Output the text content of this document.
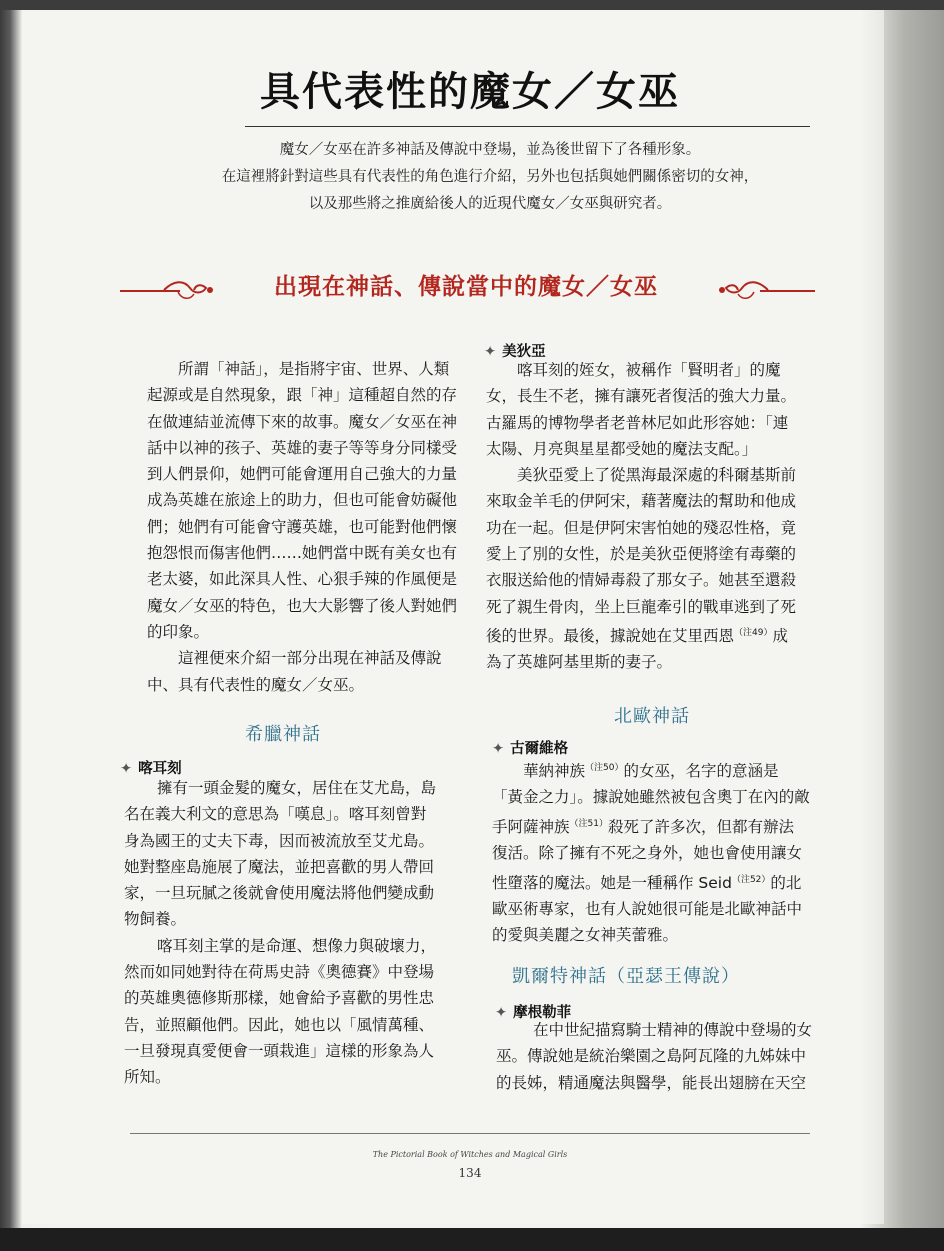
具代表性的魔女／女巫
魔女／女巫在許多神話及傳說中登場，並為後世留下了各種形象。
在這裡將針對這些具有代表性的角色進行介紹，另外也包括與她們關係密切的女神，
以及那些將之推廣給後人的近現代魔女／女巫與研究者。
出現在神話、傳說當中的魔女／女巫
所謂「神話」，是指將宇宙、世界、人類
起源或是自然現象，跟「神」這種超自然的存
在做連結並流傳下來的故事。魔女／女巫在神
話中以神的孩子、英雄的妻子等等身分同樣受
到人們景仰，她們可能會運用自己強大的力量
成為英雄在旅途上的助力，但也可能會妨礙他
們；她們有可能會守護英雄，也可能對他們懷
抱怨恨而傷害他們……她們當中既有美女也有
老太婆，如此深具人性、心狠手辣的作風便是
魔女／女巫的特色，也大大影響了後人對她們
的印象。
這裡便來介紹一部分出現在神話及傳說
中、具有代表性的魔女／女巫。
希臘神話
✦ 喀耳刻
擁有一頭金髮的魔女，居住在艾尤島，島
名在義大利文的意思為「嘆息」。喀耳刻曾對
身為國王的丈夫下毒，因而被流放至艾尤島。
她對整座島施展了魔法，並把喜歡的男人帶回
家，一旦玩膩之後就會使用魔法將他們變成動
物飼養。
喀耳刻主掌的是命運、想像力與破壞力，
然而如同她對待在荷馬史詩《奧德賽》中登場
的英雄奧德修斯那樣，她會給予喜歡的男性忠
告，並照顧他們。因此，她也以「風情萬種、
一旦發現真愛便會一頭栽進」這樣的形象為人
所知。
✦ 美狄亞
喀耳刻的姪女，被稱作「賢明者」的魔
女，長生不老，擁有讓死者復活的強大力量。
古羅馬的博物學者老普林尼如此形容她：「連
太陽、月亮與星星都受她的魔法支配。」
美狄亞愛上了從黑海最深處的科爾基斯前
來取金羊毛的伊阿宋，藉著魔法的幫助和他成
功在一起。但是伊阿宋害怕她的殘忍性格，竟
愛上了別的女性，於是美狄亞便將塗有毒藥的
衣服送給他的情婦毒殺了那女子。她甚至還殺
死了親生骨肉，坐上巨龍牽引的戰車逃到了死
後的世界。最後，據說她在艾里西恩$^{(注49)}$成
為了英雄阿基里斯的妻子。
北歐神話
✦ 古爾維格
華納神族$^{(注50)}$的女巫，名字的意涵是
「黃金之力」。據說她雖然被包含奧丁在內的敵
手阿薩神族$^{(注51)}$殺死了許多次，但都有辦法
復活。除了擁有不死之身外，她也會使用讓女
性墮落的魔法。她是一種稱作 Seid$^{(注52)}$的北
歐巫術專家，也有人說她很可能是北歐神話中
的愛與美麗之女神芙蕾雅。
凱爾特神話（亞瑟王傳說）
✦ 摩根勒菲
在中世紀描寫騎士精神的傳說中登場的女
巫。傳說她是統治樂園之島阿瓦隆的九姊妹中
的長姊，精通魔法與醫學，能長出翅膀在天空
The Pictorial Book of Witches and Magical Girls
134
